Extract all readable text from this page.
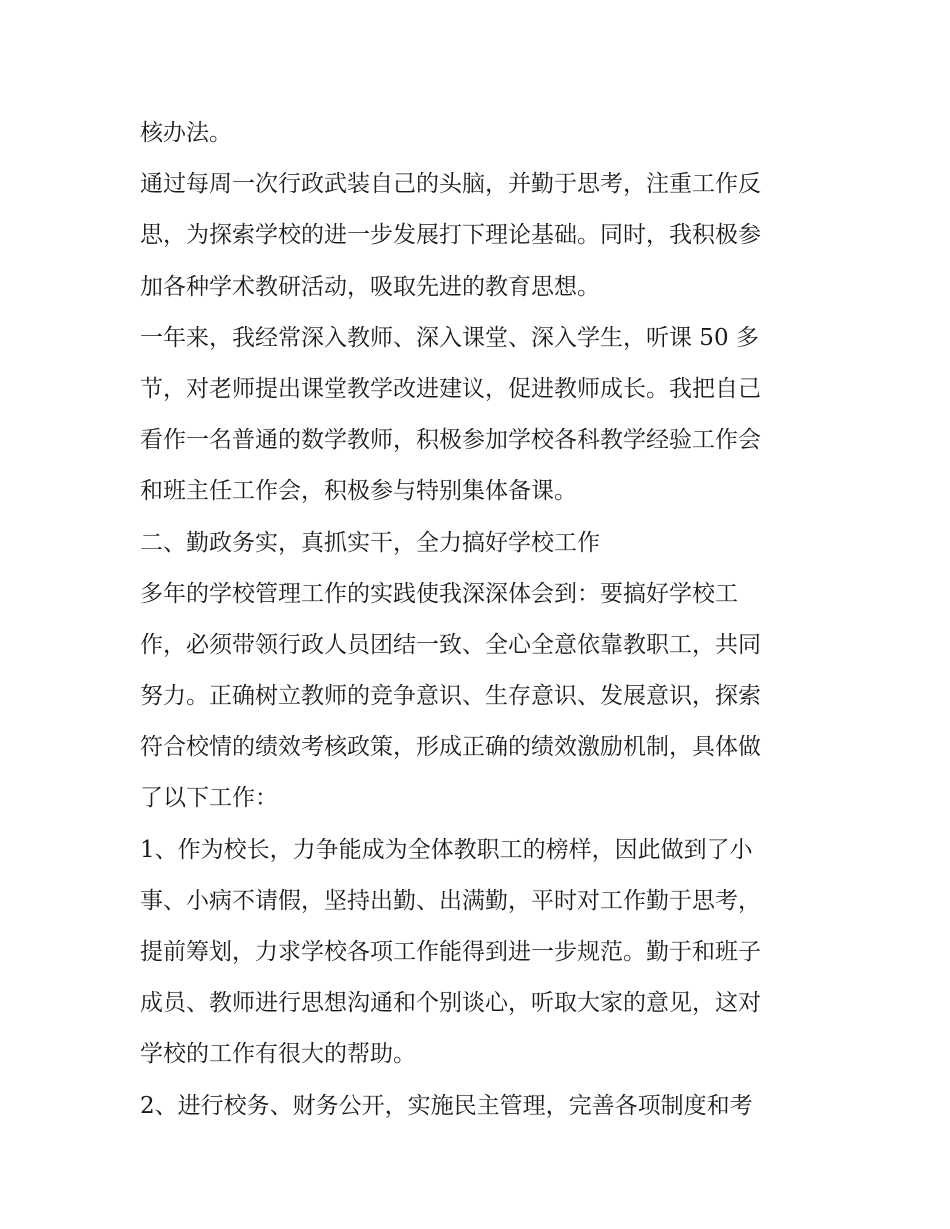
核办法。

通过每周一次行政武装自己的头脑，并勤于思考，注重工作反

思，为探索学校的进一步发展打下理论基础。同时，我积极参

加各种学术教研活动，吸取先进的教育思想。

一年来，我经常深入教师、深入课堂、深入学生，听课 50 多

节，对老师提出课堂教学改进建议，促进教师成长。我把自己

看作一名普通的数学教师，积极参加学校各科教学经验工作会

和班主任工作会，积极参与特别集体备课。

二、勤政务实，真抓实干，全力搞好学校工作

多年的学校管理工作的实践使我深深体会到：要搞好学校工

作，必须带领行政人员团结一致、全心全意依靠教职工，共同

努力。正确树立教师的竞争意识、生存意识、发展意识，探索

符合校情的绩效考核政策，形成正确的绩效激励机制，具体做

了以下工作：

1、作为校长，力争能成为全体教职工的榜样，因此做到了小

事、小病不请假，坚持出勤、出满勤，平时对工作勤于思考，

提前筹划，力求学校各项工作能得到进一步规范。勤于和班子

成员、教师进行思想沟通和个别谈心，听取大家的意见，这对

学校的工作有很大的帮助。

2、进行校务、财务公开，实施民主管理，完善各项制度和考
